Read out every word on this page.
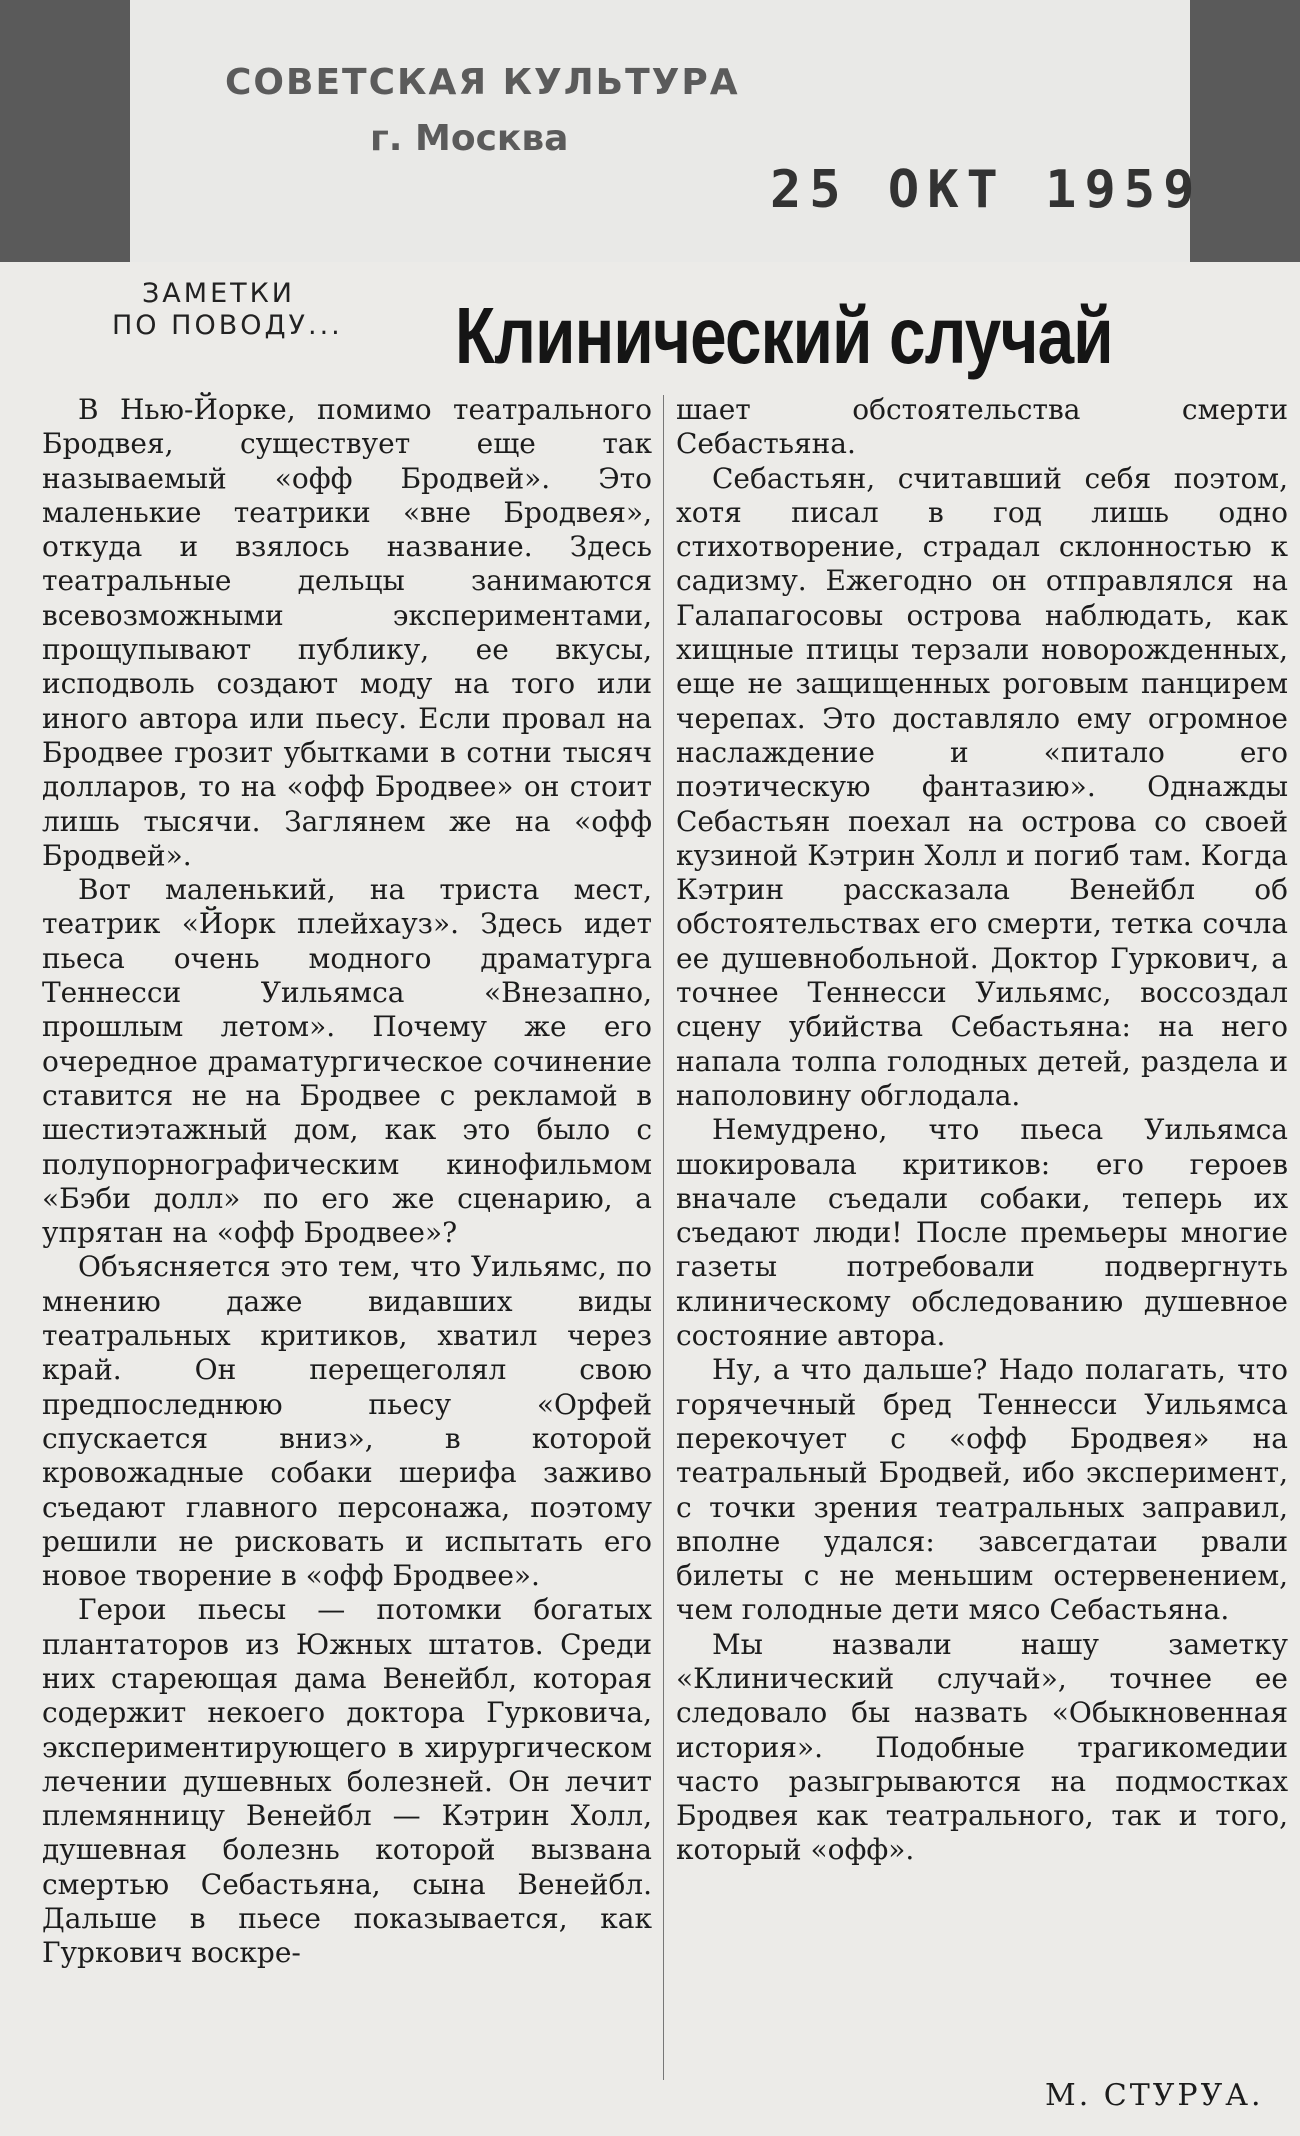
СОВЕТСКАЯ КУЛЬТУРА
г. Москва
25 ОКТ 1959
ЗАМЕТКИ
ПО ПОВОДУ...	Клинический случай

В Нью-Йорке, помимо театрального Бродвея, существует еще так называемый «офф Бродвей». Это маленькие театрики «вне Бродвея», откуда и взялось название. Здесь театральные дельцы занимаются всевозможными экспериментами, прощупывают публику, ее вкусы, исподволь создают моду на того или иного автора или пьесу. Если провал на Бродвее грозит убытками в сотни тысяч долларов, то на «офф Бродвее» он стоит лишь тысячи. Заглянем же на «офф Бродвей».

Вот маленький, на триста мест, театрик «Йорк плейхауз». Здесь идет пьеса очень модного драматурга Теннесси Уильямса «Внезапно, прошлым летом». Почему же его очередное драматургическое сочинение ставится не на Бродвее с рекламой в шестиэтажный дом, как это было с полупорнографическим кинофильмом «Бэби долл» по его же сценарию, а упрятан на «офф Бродвее»?

Объясняется это тем, что Уильямс, по мнению даже видавших виды театральных критиков, хватил через край. Он перещеголял свою предпоследнюю пьесу «Орфей спускается вниз», в которой кровожадные собаки шерифа заживо съедают главного персонажа, поэтому решили не рисковать и испытать его новое творение в «офф Бродвее».

Герои пьесы — потомки богатых плантаторов из Южных штатов. Среди них стареющая дама Венейбл, которая содержит некоего доктора Гурковича, экспериментирующего в хирургическом лечении душевных болезней. Он лечит племянницу Венейбл — Кэтрин Холл, душевная болезнь которой вызвана смертью Себастьяна, сына Венейбл. Дальше в пьесе показывается, как Гуркович воскре-

шает обстоятельства смерти Себастьяна.

Себастьян, считавший себя поэтом, хотя писал в год лишь одно стихотворение, страдал склонностью к садизму. Ежегодно он отправлялся на Галапагосовы острова наблюдать, как хищные птицы терзали новорожденных, еще не защищенных роговым панцирем черепах. Это доставляло ему огромное наслаждение и «питало его поэтическую фантазию». Однажды Себастьян поехал на острова со своей кузиной Кэтрин Холл и погиб там. Когда Кэтрин рассказала Венейбл об обстоятельствах его смерти, тетка сочла ее душевнобольной. Доктор Гуркович, а точнее Теннесси Уильямс, воссоздал сцену убийства Себастьяна: на него напала толпа голодных детей, раздела и наполовину обглодала.

Немудрено, что пьеса Уильямса шокировала критиков: его героев вначале съедали собаки, теперь их съедают люди! После премьеры многие газеты потребовали подвергнуть клиническому обследованию душевное состояние автора.

Ну, а что дальше? Надо полагать, что горячечный бред Теннесси Уильямса перекочует с «офф Бродвея» на театральный Бродвей, ибо эксперимент, с точки зрения театральных заправил, вполне удался: завсегдатаи рвали билеты с не меньшим остервенением, чем голодные дети мясо Себастьяна.

Мы назвали нашу заметку «Клинический случай», точнее ее следовало бы назвать «Обыкновенная история». Подобные трагикомедии часто разыгрываются на подмостках Бродвея как театрального, так и того, который «офф».

М. СТУРУА.
